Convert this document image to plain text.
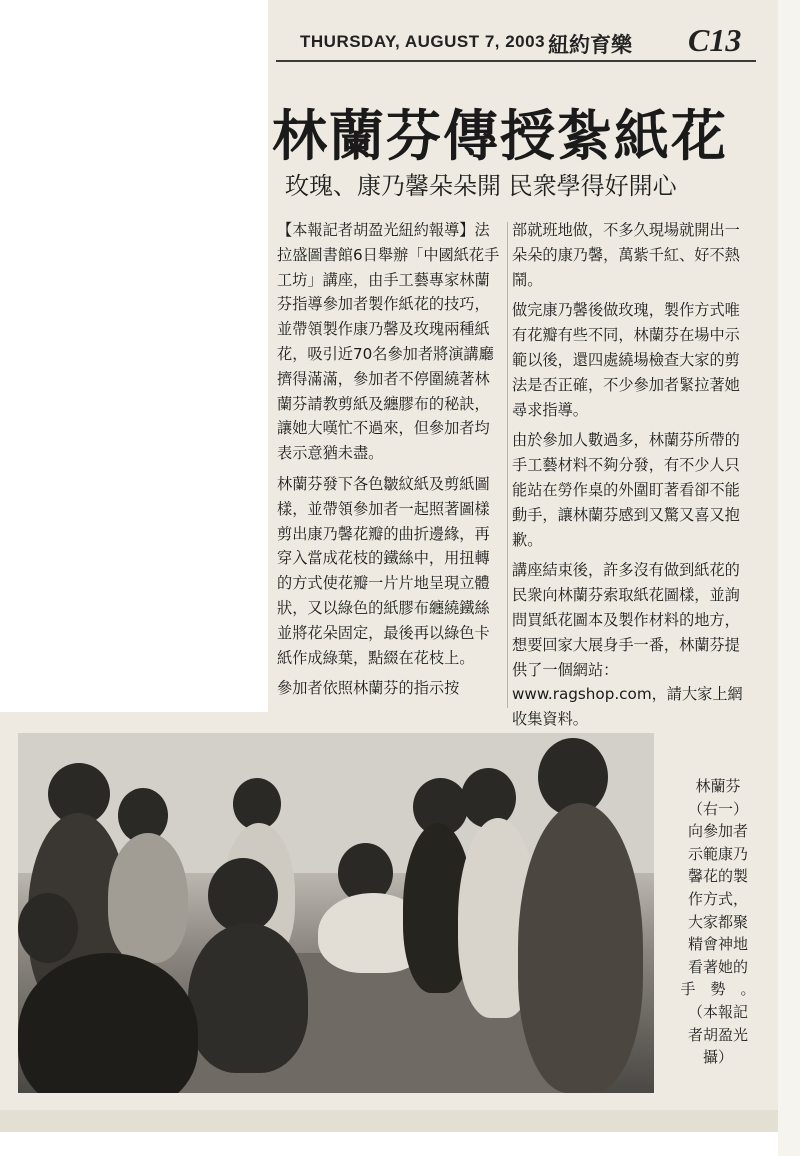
THURSDAY, AUGUST 7, 2003 紐約育樂 C13
林蘭芬傳授紮紙花
玫瑰、康乃馨朵朵開 民衆學得好開心
【本報記者胡盈光紐約報導】法拉盛圖書館6日舉辦「中國紙花手工坊」講座，由手工藝專家林蘭芬指導參加者製作紙花的技巧，並帶領製作康乃馨及玫瑰兩種紙花，吸引近70名參加者將演講廳擠得滿滿，參加者不停圍繞著林蘭芬請教剪紙及纏膠布的秘訣，讓她大嘆忙不過來，但參加者均表示意猶未盡。
林蘭芬發下各色皺紋紙及剪紙圖樣，並帶領參加者一起照著圖樣剪出康乃馨花瓣的曲折邊緣，再穿入當成花枝的鐵絲中，用扭轉的方式使花瓣一片片地呈現立體狀，又以綠色的紙膠布纏繞鐵絲並將花朵固定，最後再以綠色卡紙作成綠葉，點綴在花枝上。
參加者依照林蘭芬的指示按
部就班地做，不多久現場就開出一朵朵的康乃馨，萬紫千紅、好不熱鬧。
做完康乃馨後做玫瑰，製作方式唯有花瓣有些不同，林蘭芬在場中示範以後，還四處繞場檢查大家的剪法是否正確，不少參加者緊拉著她尋求指導。
由於參加人數過多，林蘭芬所帶的手工藝材料不夠分發，有不少人只能站在勞作桌的外圍盯著看卻不能動手，讓林蘭芬感到又驚又喜又抱歉。
講座結束後，許多沒有做到紙花的民衆向林蘭芬索取紙花圖樣，並詢問買紙花圖本及製作材料的地方，想要回家大展身手一番，林蘭芬提供了一個網站：www.ragshop.com，請大家上網收集資料。
林蘭芬
（右一）
向參加者
示範康乃
馨花的製
作方式，
大家都聚
精會神地
看著她的
手　勢　。
（本報記
者胡盈光
攝）
